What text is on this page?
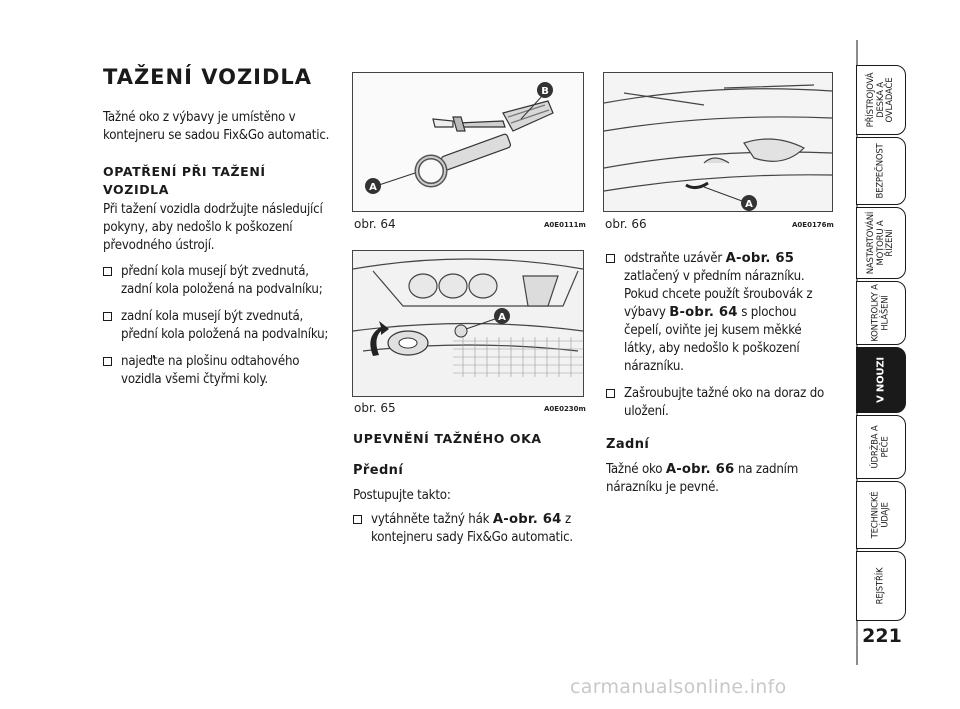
TAŽENÍ VOZIDLA

Tažné oko z výbavy je umístěno v kontejneru se sadou Fix&Go automatic.

OPATŘENÍ PŘI TAŽENÍ VOZIDLA

Při tažení vozidla dodržujte následující pokyny, aby nedošlo k poškození převodného ústrojí.

přední kola musejí být zvednutá, zadní kola položená na podvalníku;
zadní kola musejí být zvednutá, přední kola položená na podvalníku;
najeďte na plošinu odtahového vozidla všemi čtyřmi koly.
B
A
obr. 64	A0E0111m
A
obr. 65	A0E0230m
A
obr. 66	A0E0176m
UPEVNĚNÍ TAŽNÉHO OKA
Přední

Postupujte takto:

vytáhněte tažný hák A-obr. 64 z kontejneru sady Fix&Go automatic.
odstraňte uzávěr A-obr. 65 zatlačený v předním nárazníku. Pokud chcete použít šroubovák z výbavy B-obr. 64 s plochou čepelí, oviňte jej kusem měkké látky, aby nedošlo k poškození nárazníku.
Zašroubujte tažné oko na doraz do uložení.
Zadní

Tažné oko A-obr. 66 na zadním nárazníku je pevné.

PŘÍSTROJOVÁ
DESKA A
OVLADAČE
BEZPEČNOST
NASTARTOVÁNÍ
MOTORU A
ŘÍZENÍ
KONTROLKY A
HLÁŠENÍ
V NOUZI
ÚDRŽBA A
PÉČE
TECHNICKÉ
ÚDAJE
REJSTŘÍK
221
carmanualsonline.info
